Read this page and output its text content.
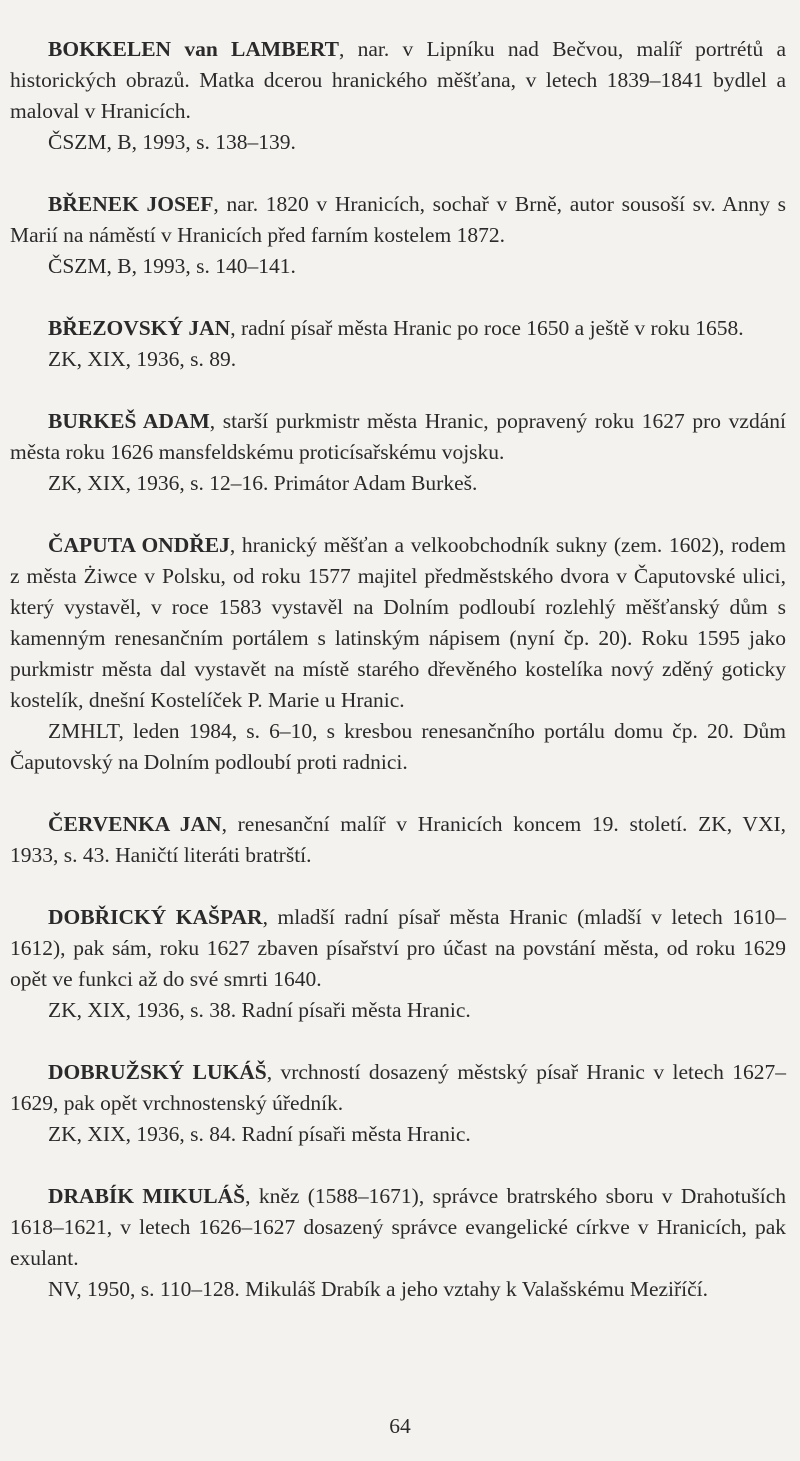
BOKKELEN van LAMBERT, nar. v Lipníku nad Bečvou, malíř portrétů a historických obrazů. Matka dcerou hranického měšťana, v letech 1839–1841 bydlel a maloval v Hranicích.

ČSZM, B, 1993, s. 138–139.

BŘENEK JOSEF, nar. 1820 v Hranicích, sochař v Brně, autor sousoší sv. Anny s Marií na náměstí v Hranicích před farním kostelem 1872.

ČSZM, B, 1993, s. 140–141.

BŘEZOVSKÝ JAN, radní písař města Hranic po roce 1650 a ještě v roku 1658.

ZK, XIX, 1936, s. 89.

BURKEŠ ADAM, starší purkmistr města Hranic, popravený roku 1627 pro vzdání města roku 1626 mansfeldskému proticísařskému vojsku.

ZK, XIX, 1936, s. 12–16. Primátor Adam Burkeš.

ČAPUTA ONDŘEJ, hranický měšťan a velkoobchodník sukny (zem. 1602), rodem z města Żiwce v Polsku, od roku 1577 majitel předměstského dvora v Čaputovské ulici, který vystavěl, v roce 1583 vystavěl na Dolním podloubí rozlehlý měšťanský dům s kamenným renesančním portálem s latinským nápisem (nyní čp. 20). Roku 1595 jako purkmistr města dal vystavět na místě starého dřevěného kostelíka nový zděný goticky kostelík, dnešní Kostelíček P. Marie u Hranic.

ZMHLT, leden 1984, s. 6–10, s kresbou renesančního portálu domu čp. 20. Dům Čaputovský na Dolním podloubí proti radnici.

ČERVENKA JAN, renesanční malíř v Hranicích koncem 19. století. ZK, VXI, 1933, s. 43. Haničtí literáti bratrští.

DOBŘICKÝ KAŠPAR, mladší radní písař města Hranic (mladší v letech 1610–1612), pak sám, roku 1627 zbaven písařství pro účast na povstání města, od roku 1629 opět ve funkci až do své smrti 1640.

ZK, XIX, 1936, s. 38. Radní písaři města Hranic.

DOBRUŽSKÝ LUKÁŠ, vrchností dosazený městský písař Hranic v letech 1627–1629, pak opět vrchnostenský úředník.

ZK, XIX, 1936, s. 84. Radní písaři města Hranic.

DRABÍK MIKULÁŠ, kněz (1588–1671), správce bratrského sboru v Drahotuších 1618–1621, v letech 1626–1627 dosazený správce evangelické církve v Hranicích, pak exulant.

NV, 1950, s. 110–128. Mikuláš Drabík a jeho vztahy k Valašskému Meziříčí.

64
